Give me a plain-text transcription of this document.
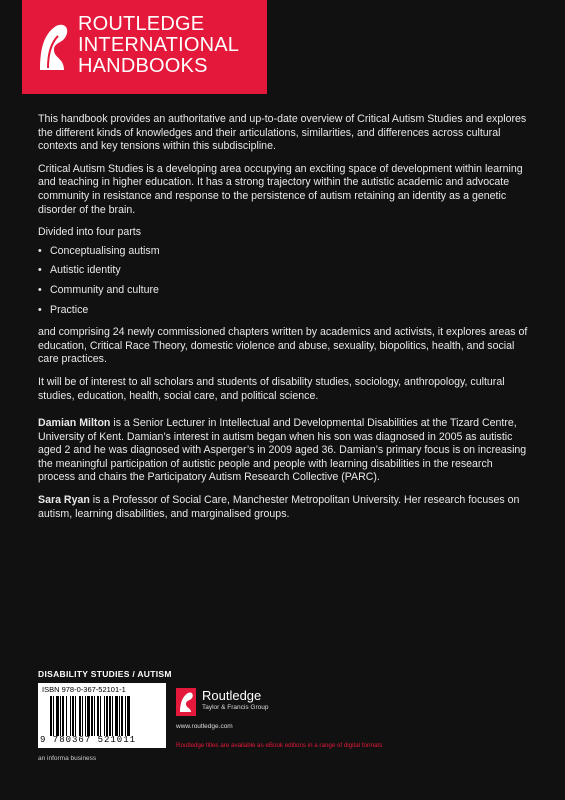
ROUTLEDGE
INTERNATIONAL
HANDBOOKS

This handbook provides an authoritative and up-to-date overview of Critical Autism Studies and explores the different kinds of knowledges and their articulations, similarities, and differences across cultural contexts and key tensions within this subdiscipline.

Critical Autism Studies is a developing area occupying an exciting space of development within learning and teaching in higher education. It has a strong trajectory within the autistic academic and advocate community in resistance and response to the persistence of autism retaining an identity as a genetic disorder of the brain.

Divided into four parts

• Conceptualising autism
• Autistic identity
• Community and culture
• Practice

and comprising 24 newly commissioned chapters written by academics and activists, it explores areas of education, Critical Race Theory, domestic violence and abuse, sexuality, biopolitics, health, and social care practices.

It will be of interest to all scholars and students of disability studies, sociology, anthropology, cultural studies, education, health, social care, and political science.

Damian Milton is a Senior Lecturer in Intellectual and Developmental Disabilities at the Tizard Centre, University of Kent. Damian’s interest in autism began when his son was diagnosed in 2005 as autistic aged 2 and he was diagnosed with Asperger’s in 2009 aged 36. Damian’s primary focus is on increasing the meaningful participation of autistic people and people with learning disabilities in the research process and chairs the Participatory Autism Research Collective (PARC).

Sara Ryan is a Professor of Social Care, Manchester Metropolitan University. Her research focuses on autism, learning disabilities, and marginalised groups.

DISABILITY STUDIES / AUTISM
ISBN 978-0-367-52101-1
9 780367 521011
an informa business
Routledge
Taylor & Francis Group
www.routledge.com
Routledge titles are available as eBook editions in a range of digital formats
